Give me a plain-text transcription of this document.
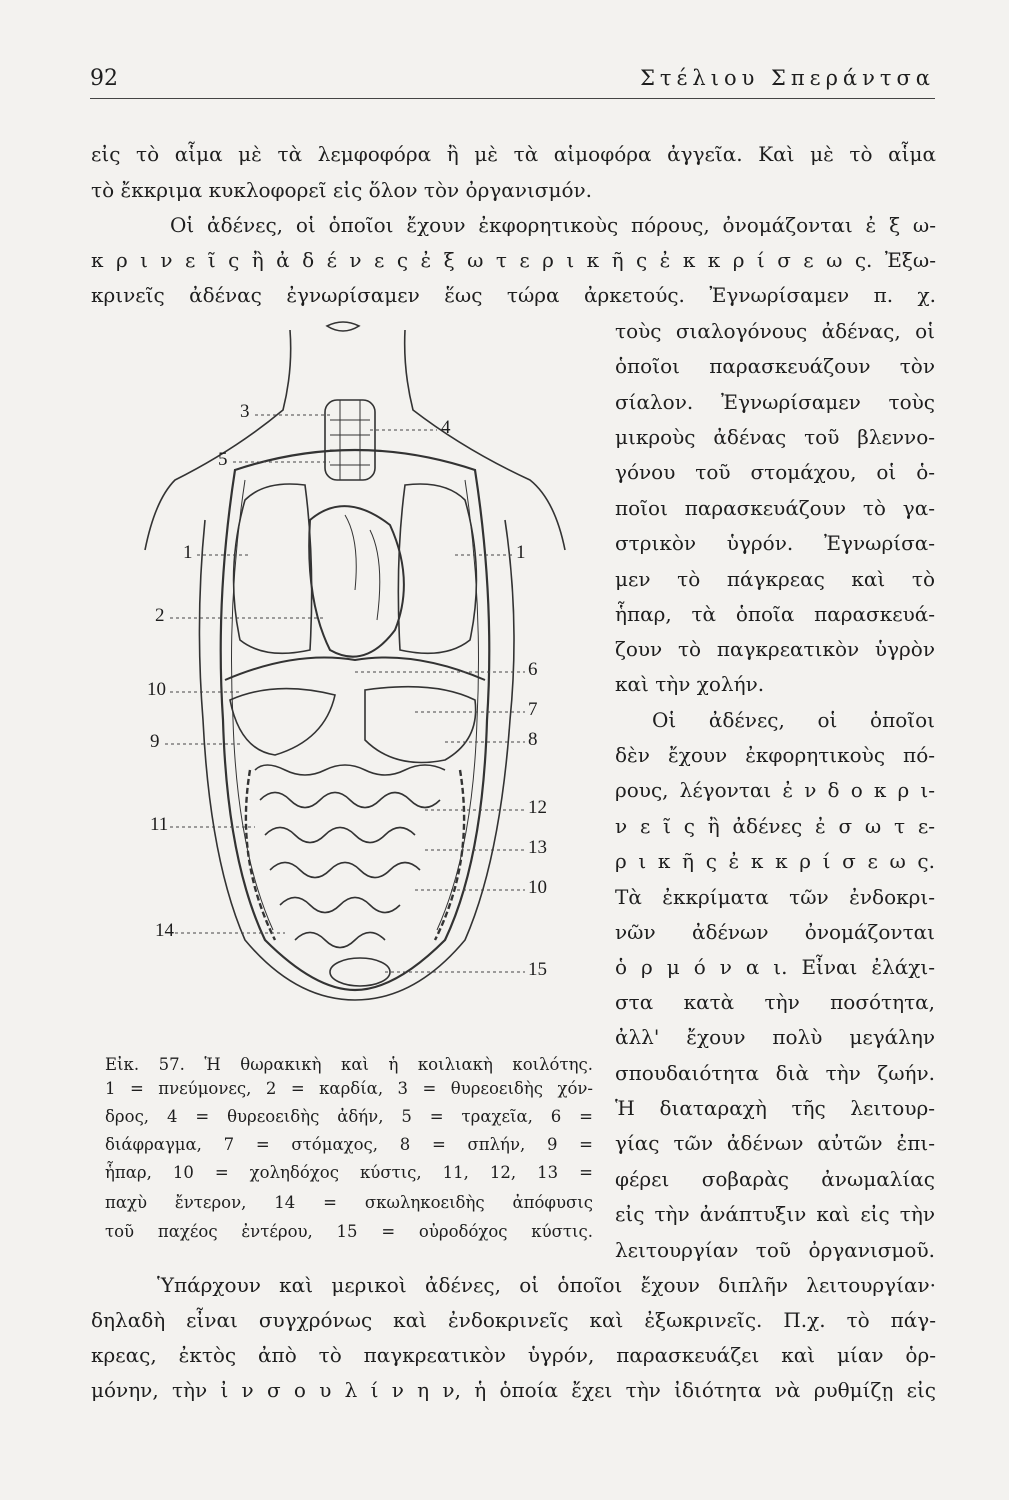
92	Στέλιου Σπεράντσα
εἰς τὸ αἷμα μὲ τὰ λεμφοφόρα ἢ μὲ τὰ αἱμοφόρα ἀγγεῖα. Καὶ μὲ τὸ αἷμα
τὸ ἔκκριμα κυκλοφορεῖ εἰς ὅλον τὸν ὀργανισμόν.
Οἱ ἀδένες, οἱ ὁποῖοι ἔχουν ἐκφορητικοὺς πόρους, ὀνομάζονται ἐ ξ ω-
κ ρ ι ν ε ῖ ς ἢ ἀ δ έ ν ε ς ἐ ξ ω τ ε ρ ι κ ῆ ς ἐ κ κ ρ ί σ ε ω ς. Ἐξω-
κρινεῖς ἀδένας ἐγνωρίσαμεν ἕως τώρα ἀρκετούς. Ἐγνωρίσαμεν π. χ.
τοὺς σιαλογόνους ἀδένας, οἱ
ὁποῖοι παρασκευάζουν τὸν
σίαλον. Ἐγνωρίσαμεν τοὺς
μικροὺς ἀδένας τοῦ βλεννο-
γόνου τοῦ στομάχου, οἱ ὁ-
ποῖοι παρασκευάζουν τὸ γα-
στρικὸν ὑγρόν. Ἐγνωρίσα-
μεν τὸ πάγκρεας καὶ τὸ
ἧπαρ, τὰ ὁποῖα παρασκευά-
ζουν τὸ παγκρεατικὸν ὑγρὸν
καὶ τὴν χολήν.
Οἱ ἀδένες, οἱ ὁποῖοι
δὲν ἔχουν ἐκφορητικοὺς πό-
ρους, λέγονται ἐ ν δ ο κ ρ ι-
ν ε ῖ ς ἢ ἀδένες ἐ σ ω τ ε-
ρ ι κ ῆ ς ἐ κ κ ρ ί σ ε ω ς.
Τὰ ἐκκρίματα τῶν ἐνδοκρι-
νῶν ἀδένων ὀνομάζονται
ὁ ρ μ ό ν α ι. Εἶναι ἐλάχι-
στα κατὰ τὴν ποσότητα,
ἀλλ' ἔχουν πολὺ μεγάλην
σπουδαιότητα διὰ τὴν ζωήν.
Ἡ διαταραχὴ τῆς λειτουρ-
γίας τῶν ἀδένων αὐτῶν ἐπι-
φέρει σοβαρὰς ἀνωμαλίας
εἰς τὴν ἀνάπτυξιν καὶ εἰς τὴν
λειτουργίαν τοῦ ὀργανισμοῦ.
3
4
5
1	1
2
6
10
7
9	8
12
11
13
10
14
15
Εἰκ. 57. Ἡ θωρακικὴ καὶ ἡ κοιλιακὴ κοιλότης.
1 = πνεύμονες, 2 = καρδία, 3 = θυρεοειδὴς χόν-
δρος, 4 = θυρεοειδὴς ἀδήν, 5 = τραχεῖα, 6 =
διάφραγμα, 7 = στόμαχος, 8 = σπλήν, 9 =
ἧπαρ, 10 = χοληδόχος κύστις, 11, 12, 13 =
παχὺ ἔντερον, 14 = σκωληκοειδὴς ἀπόφυσις
τοῦ παχέος ἐντέρου, 15 = οὐροδόχος κύστις.
Ὑπάρχουν καὶ μερικοὶ ἀδένες, οἱ ὁποῖοι ἔχουν διπλῆν λειτουργίαν·
δηλαδὴ εἶναι συγχρόνως καὶ ἐνδοκρινεῖς καὶ ἐξωκρινεῖς. Π.χ. τὸ πάγ-
κρεας, ἐκτὸς ἀπὸ τὸ παγκρεατικὸν ὑγρόν, παρασκευάζει καὶ μίαν ὁρ-
μόνην, τὴν ἰ ν σ ο υ λ ί ν η ν, ἡ ὁποία ἔχει τὴν ἰδιότητα νὰ ρυθμίζῃ εἰς
